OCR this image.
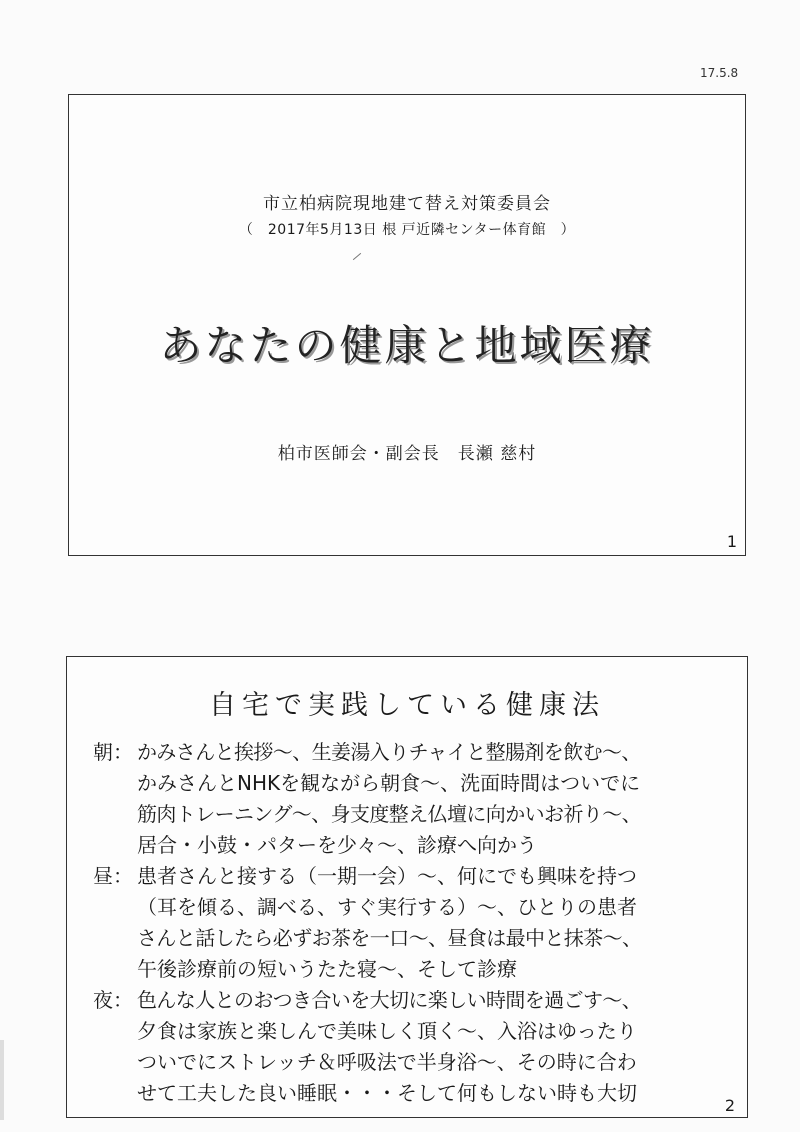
17.5.8
市立柏病院現地建て替え対策委員会
（　2017年5月13日 根 戸近隣センター体育館　）
あなたの健康と地域医療
柏市医師会・副会長　長瀬 慈村
1
自宅で実践している健康法
朝： かみさんと挨拶〜、生姜湯入りチャイと整腸剤を飲む〜、
かみさんとNHKを観ながら朝食〜、洗面時間はついでに
筋肉トレーニング〜、身支度整え仏壇に向かいお祈り〜、
居合・小鼓・パターを少々〜、診療へ向かう
昼： 患者さんと接する（一期一会）〜、何にでも興味を持つ
（耳を傾る、調べる、すぐ実行する）〜、ひとりの患者
さんと話したら必ずお茶を一口〜、昼食は最中と抹茶〜、
午後診療前の短いうたた寝〜、そして診療
夜： 色んな人とのおつき合いを大切に楽しい時間を過ごす〜、
夕食は家族と楽しんで美味しく頂く〜、入浴はゆったり
ついでにストレッチ＆呼吸法で半身浴〜、その時に合わ
せて工夫した良い睡眠・・・そして何もしない時も大切
2
